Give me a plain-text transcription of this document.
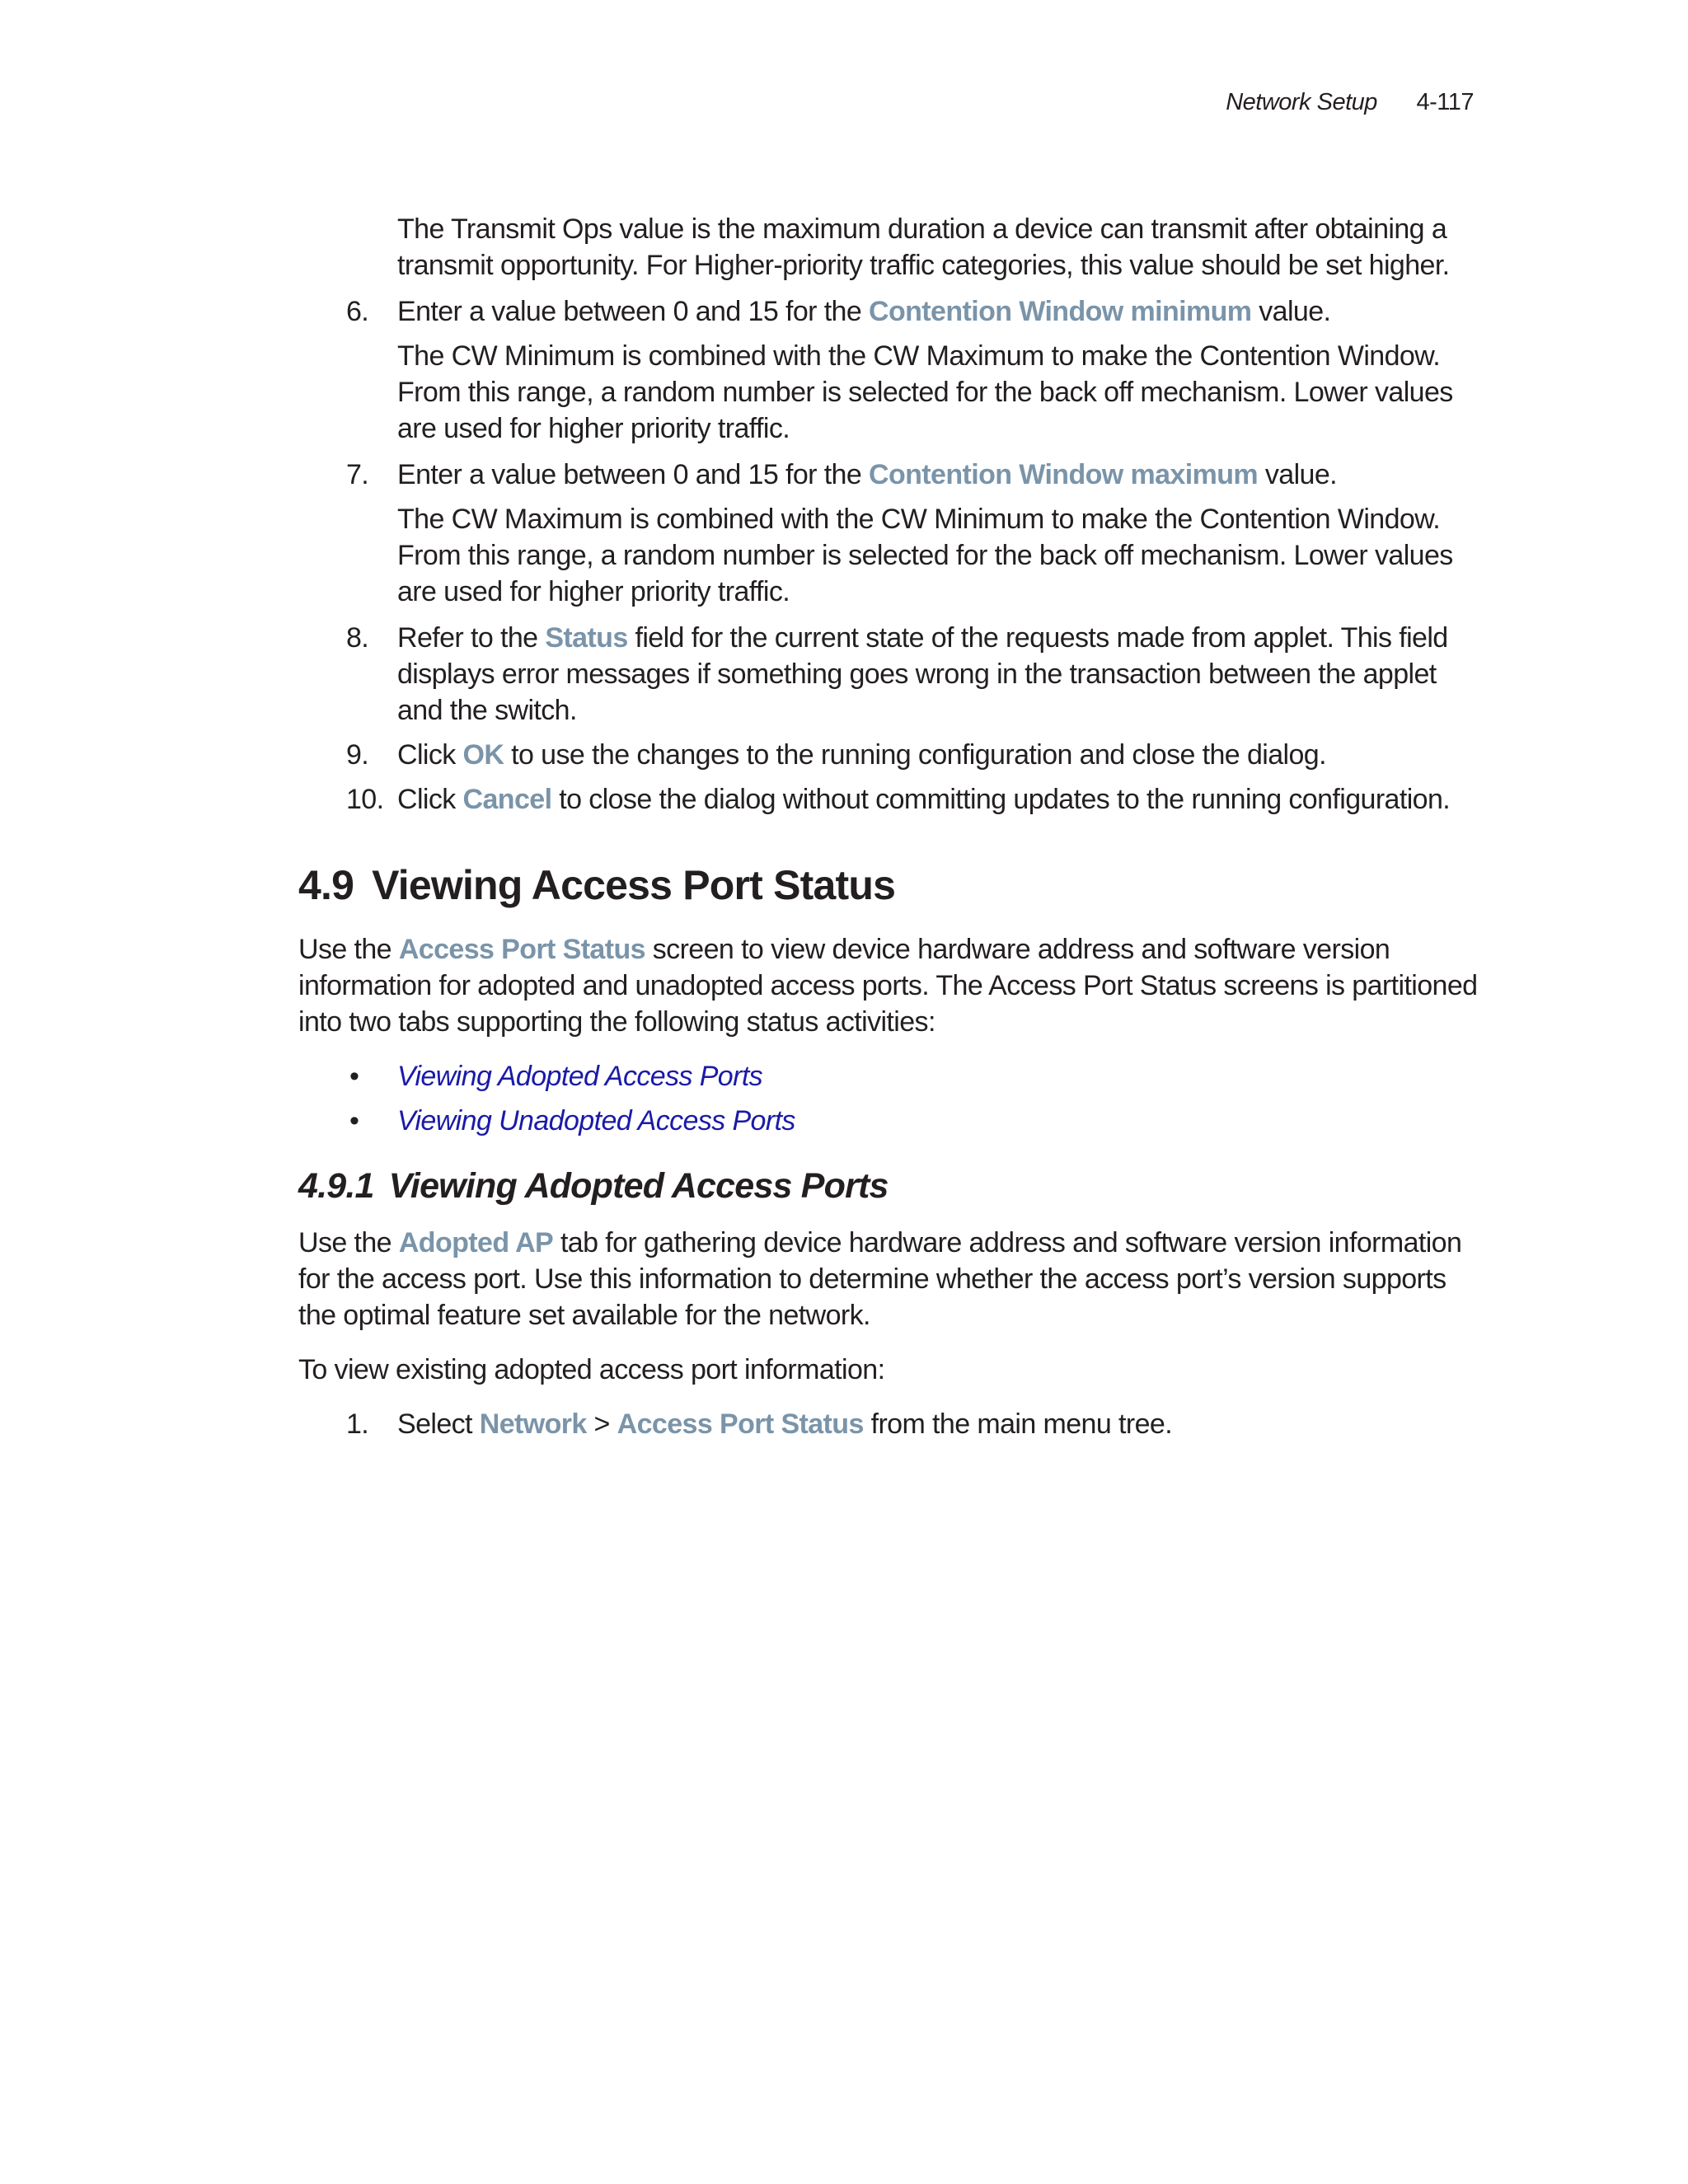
Network Setup 4-117
The Transmit Ops value is the maximum duration a device can transmit after obtaining a transmit opportunity. For Higher-priority traffic categories, this value should be set higher.
6. Enter a value between 0 and 15 for the Contention Window minimum value.
The CW Minimum is combined with the CW Maximum to make the Contention Window. From this range, a random number is selected for the back off mechanism. Lower values are used for higher priority traffic.
7. Enter a value between 0 and 15 for the Contention Window maximum value.
The CW Maximum is combined with the CW Minimum to make the Contention Window. From this range, a random number is selected for the back off mechanism. Lower values are used for higher priority traffic.
8. Refer to the Status field for the current state of the requests made from applet. This field displays error messages if something goes wrong in the transaction between the applet and the switch.
9. Click OK to use the changes to the running configuration and close the dialog.
10. Click Cancel to close the dialog without committing updates to the running configuration.
4.9 Viewing Access Port Status
Use the Access Port Status screen to view device hardware address and software version information for adopted and unadopted access ports. The Access Port Status screens is partitioned into two tabs supporting the following status activities:
• Viewing Adopted Access Ports
• Viewing Unadopted Access Ports
4.9.1 Viewing Adopted Access Ports
Use the Adopted AP tab for gathering device hardware address and software version information for the access port. Use this information to determine whether the access port’s version supports the optimal feature set available for the network.
To view existing adopted access port information:
1. Select Network > Access Port Status from the main menu tree.
